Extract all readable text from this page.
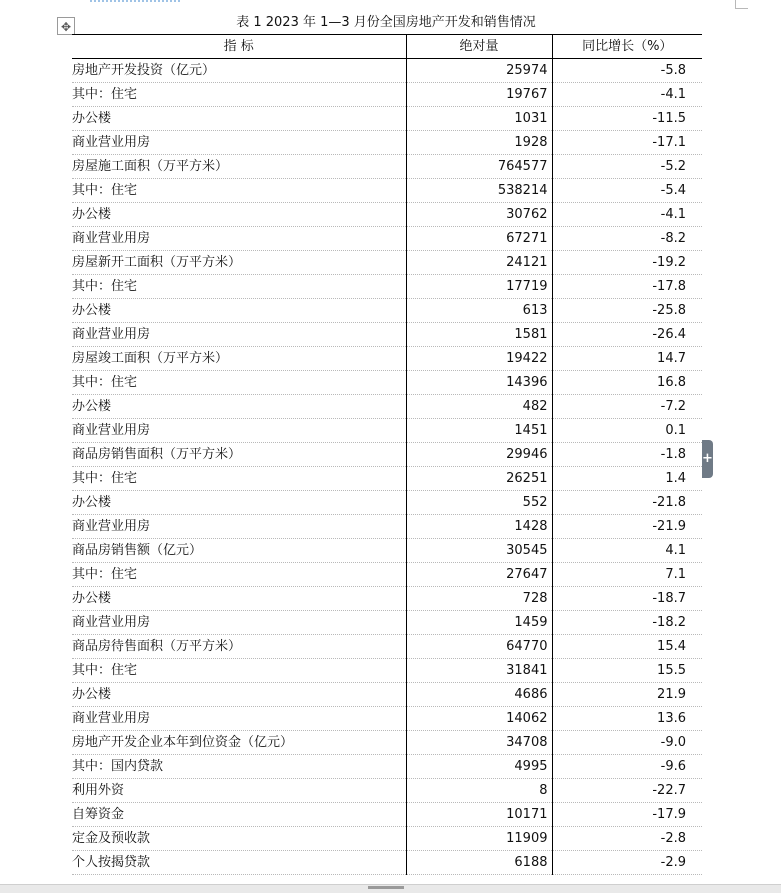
✥	表 1 2023 年 1—3 月份全国房地产开发和销售情况
指 标	绝对量	同比增长（%）
房地产开发投资（亿元）	25974	-5.8
其中：住宅	19767	-4.1
办公楼	1031	-11.5
商业营业用房	1928	-17.1
房屋施工面积（万平方米）	764577	-5.2
其中：住宅	538214	-5.4
办公楼	30762	-4.1
商业营业用房	67271	-8.2
房屋新开工面积（万平方米）	24121	-19.2
其中：住宅	17719	-17.8
办公楼	613	-25.8
商业营业用房	1581	-26.4
房屋竣工面积（万平方米）	19422	14.7
其中：住宅	14396	16.8
办公楼	482	-7.2
商业营业用房	1451	0.1
商品房销售面积（万平方米）	29946	-1.8
其中：住宅	26251	1.4
办公楼	552	-21.8
商业营业用房	1428	-21.9
商品房销售额（亿元）	30545	4.1
其中：住宅	27647	7.1
办公楼	728	-18.7
商业营业用房	1459	-18.2
商品房待售面积（万平方米）	64770	15.4
其中：住宅	31841	15.5
办公楼	4686	21.9
商业营业用房	14062	13.6
房地产开发企业本年到位资金（亿元）	34708	-9.0
其中：国内贷款	4995	-9.6
利用外资	8	-22.7
自筹资金	10171	-17.9
定金及预收款	11909	-2.8
个人按揭贷款	6188	-2.9
+
